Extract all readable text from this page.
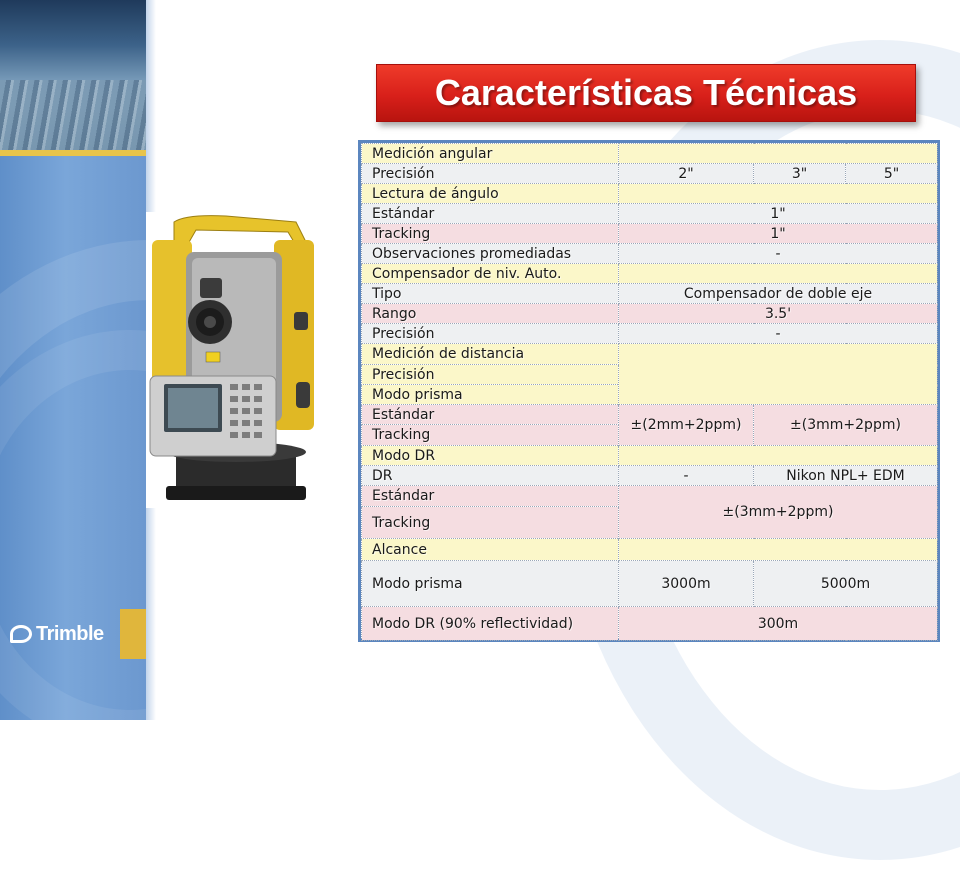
Trimble
Características Técnicas
Medición angular			
Precisión	2"	3"	5"
Lectura de ángulo			
Estándar	1"		
Tracking	1"		
Observaciones promediadas	-		
Compensador de niv. Auto.			
Tipo	Compensador de doble eje		
Rango	3.5'		
Precisión	-		
Medición de distancia			
Precisión			
Modo prisma			
Estándar	±(2mm+2ppm)	±(3mm+2ppm)	
Tracking			
Modo DR			
DR	-	Nikon NPL+ EDM	
Estándar	±(3mm+2ppm)		
Tracking			
Alcance			
Modo prisma	3000m	5000m	
Modo DR (90% reflectividad)	300m		
